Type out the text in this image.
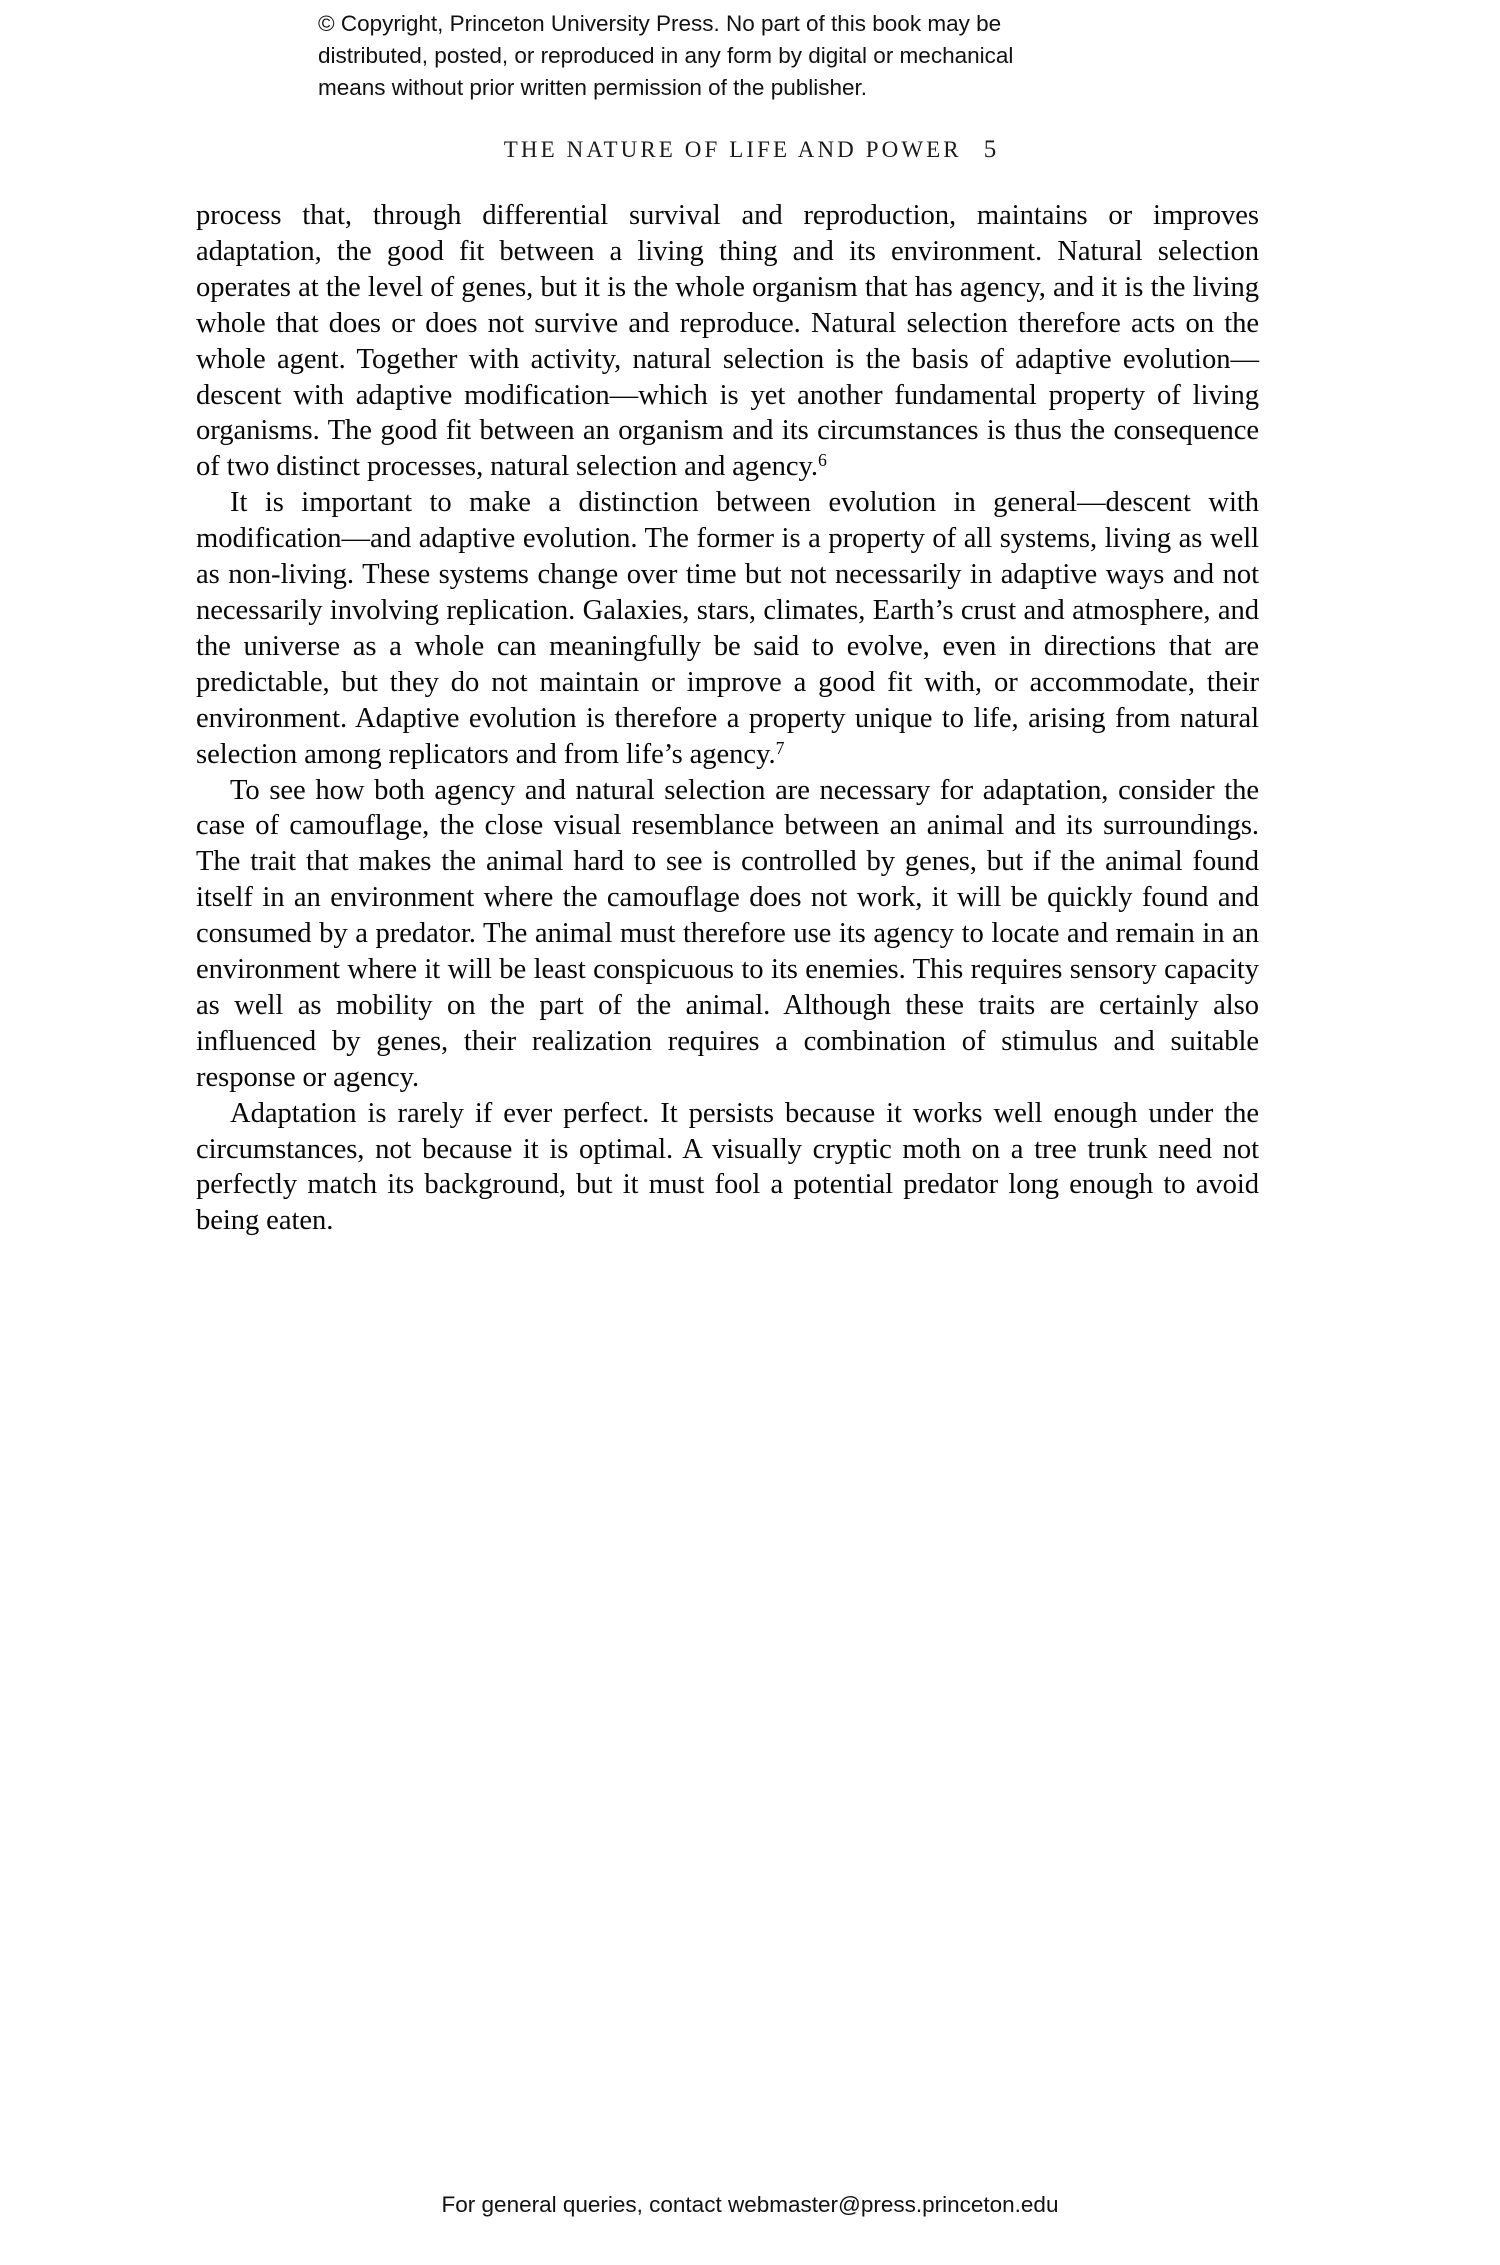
© Copyright, Princeton University Press. No part of this book may be
distributed, posted, or reproduced in any form by digital or mechanical
means without prior written permission of the publisher.
THE NATURE OF LIFE AND POWER 5

process that, through differential survival and reproduction, maintains or improves adaptation, the good fit between a living thing and its environment. Natural selection operates at the level of genes, but it is the whole organism that has agency, and it is the living whole that does or does not survive and reproduce. Natural selection therefore acts on the whole agent. Together with activity, natural selection is the basis of adaptive evolution—descent with adaptive modification—which is yet another fundamental property of living organisms. The good fit between an organism and its circumstances is thus the consequence of two distinct processes, natural selection and agency.$^6$

It is important to make a distinction between evolution in general—descent with modification—and adaptive evolution. The former is a property of all systems, living as well as non-living. These systems change over time but not necessarily in adaptive ways and not necessarily involving replication. Galaxies, stars, climates, Earth’s crust and atmosphere, and the universe as a whole can meaningfully be said to evolve, even in directions that are predictable, but they do not maintain or improve a good fit with, or accommodate, their environment. Adaptive evolution is therefore a property unique to life, arising from natural selection among replicators and from life’s agency.$^7$

To see how both agency and natural selection are necessary for adaptation, consider the case of camouflage, the close visual resemblance between an animal and its surroundings. The trait that makes the animal hard to see is controlled by genes, but if the animal found itself in an environment where the camouflage does not work, it will be quickly found and consumed by a predator. The animal must therefore use its agency to locate and remain in an environment where it will be least conspicuous to its enemies. This requires sensory capacity as well as mobility on the part of the animal. Although these traits are certainly also influenced by genes, their realization requires a combination of stimulus and suitable response or agency.

Adaptation is rarely if ever perfect. It persists because it works well enough under the circumstances, not because it is optimal. A visually cryptic moth on a tree trunk need not perfectly match its background, but it must fool a potential predator long enough to avoid being eaten.

For general queries, contact webmaster@press.princeton.edu
